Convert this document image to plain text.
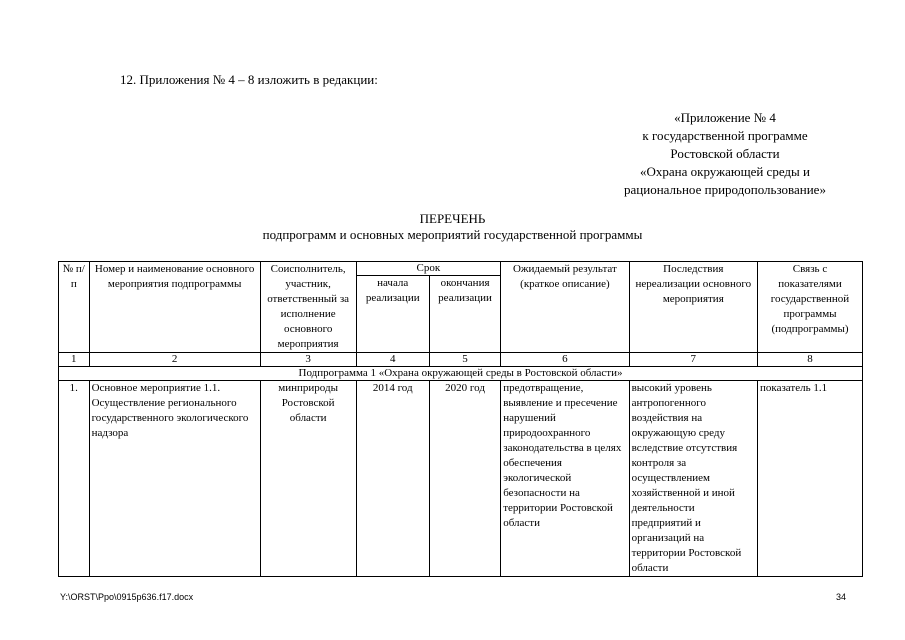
12. Приложения № 4 – 8 изложить в редакции:
«Приложение № 4
к государственной программе
Ростовской области
«Охрана окружающей среды и
рациональное природопользование»
ПЕРЕЧЕНЬ
подпрограмм и основных мероприятий государственной программы
№ п/п	Номер и наименование основного мероприятия подпрограммы	Соисполнитель, участник, ответственный за исполнение основного мероприятия	Срок		Ожидаемый результат (краткое описание)	Последствия нереализации основного мероприятия	Связь с показателями государственной программы (подпрограммы)
			начала реализации	окончания реализации			
1	2	3	4	5	6	7	8
Подпрограмма 1 «Охрана окружающей среды в Ростовской области»							
1.	Основное мероприятие 1.1. Осуществление регионального государственного экологического надзора	минприроды Ростовской области	2014 год	2020 год	предотвращение, выявление и пресечение нарушений природоохранного законодательства в целях обеспечения экологической безопасности на территории Ростовской области	высокий уровень антропогенного воздействия на окружающую среду вследствие отсутствия контроля за осуществлением хозяйственной и иной деятельности предприятий и организаций на территории Ростовской области	показатель 1.1
Y:\ORST\Ppo\0915p636.f17.docx	34
